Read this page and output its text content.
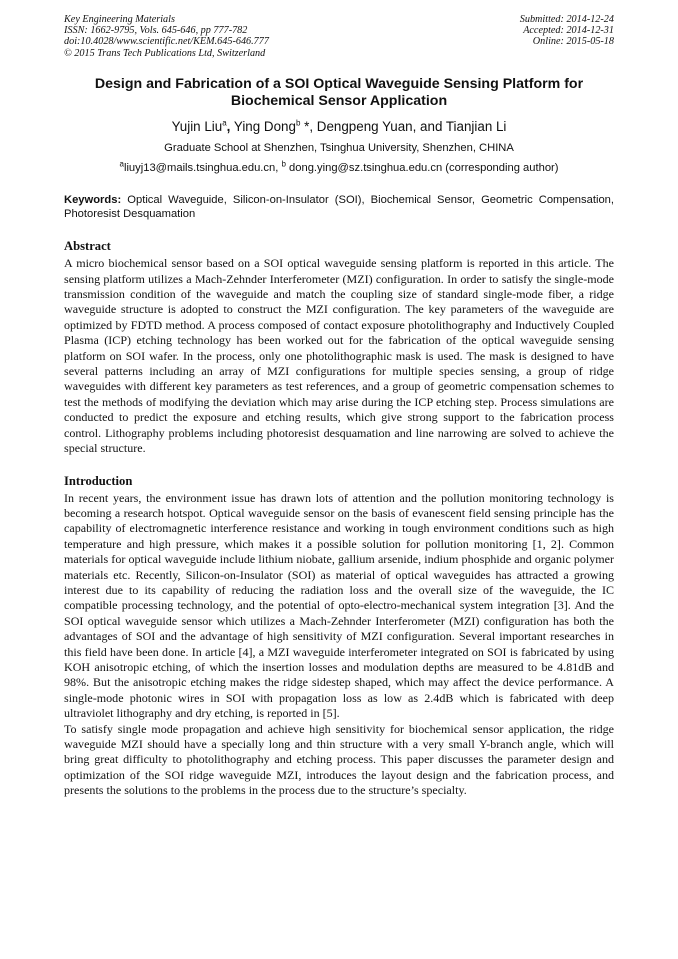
Key Engineering Materials
ISSN: 1662-9795, Vols. 645-646, pp 777-782
doi:10.4028/www.scientific.net/KEM.645-646.777
© 2015 Trans Tech Publications Ltd, Switzerland
Submitted: 2014-12-24
Accepted: 2014-12-31
Online: 2015-05-18
Design and Fabrication of a SOI Optical Waveguide Sensing Platform for Biochemical Sensor Application
Yujin Liu$^a$, Ying Dong$^b$ *, Dengpeng Yuan, and Tianjian Li
Graduate School at Shenzhen, Tsinghua University, Shenzhen, CHINA
$^a$liuyj13@mails.tsinghua.edu.cn, $^b$ dong.ying@sz.tsinghua.edu.cn (corresponding author)
Keywords: Optical Waveguide, Silicon-on-Insulator (SOI), Biochemical Sensor, Geometric Compensation, Photoresist Desquamation
Abstract

A micro biochemical sensor based on a SOI optical waveguide sensing platform is reported in this article. The sensing platform utilizes a Mach-Zehnder Interferometer (MZI) configuration. In order to satisfy the single-mode transmission condition of the waveguide and match the coupling size of standard single-mode fiber, a ridge waveguide structure is adopted to construct the MZI configuration. The key parameters of the waveguide are optimized by FDTD method. A process composed of contact exposure photolithography and Inductively Coupled Plasma (ICP) etching technology has been worked out for the fabrication of the optical waveguide sensing platform on SOI wafer. In the process, only one photolithographic mask is used. The mask is designed to have several patterns including an array of MZI configurations for multiple species sensing, a group of ridge waveguides with different key parameters as test references, and a group of geometric compensation schemes to test the methods of modifying the deviation which may arise during the ICP etching step. Process simulations are conducted to predict the exposure and etching results, which give strong support to the fabrication process control. Lithography problems including photoresist desquamation and line narrowing are solved to achieve the special structure.

Introduction

In recent years, the environment issue has drawn lots of attention and the pollution monitoring technology is becoming a research hotspot. Optical waveguide sensor on the basis of evanescent field sensing principle has the capability of electromagnetic interference resistance and working in tough environment conditions such as high temperature and high pressure, which makes it a possible solution for pollution monitoring [1, 2]. Common materials for optical waveguide include lithium niobate, gallium arsenide, indium phosphide and organic polymer materials etc. Recently, Silicon-on-Insulator (SOI) as material of optical waveguides has attracted a growing interest due to its capability of reducing the radiation loss and the overall size of the waveguide, the IC compatible processing technology, and the potential of opto-electro-mechanical system integration [3]. And the SOI optical waveguide sensor which utilizes a Mach-Zehnder Interferometer (MZI) configuration has both the advantages of SOI and the advantage of high sensitivity of MZI configuration. Several important researches in this field have been done. In article [4], a MZI waveguide interferometer integrated on SOI is fabricated by using KOH anisotropic etching, of which the insertion losses and modulation depths are measured to be 4.81dB and 98%. But the anisotropic etching makes the ridge sidestep shaped, which may affect the device performance. A single-mode photonic wires in SOI with propagation loss as low as 2.4dB which is fabricated with deep ultraviolet lithography and dry etching, is reported in [5].

To satisfy single mode propagation and achieve high sensitivity for biochemical sensor application, the ridge waveguide MZI should have a specially long and thin structure with a very small Y-branch angle, which will bring great difficulty to photolithography and etching process. This paper discusses the parameter design and optimization of the SOI ridge waveguide MZI, introduces the layout design and the fabrication process, and presents the solutions to the problems in the process due to the structure’s specialty.
